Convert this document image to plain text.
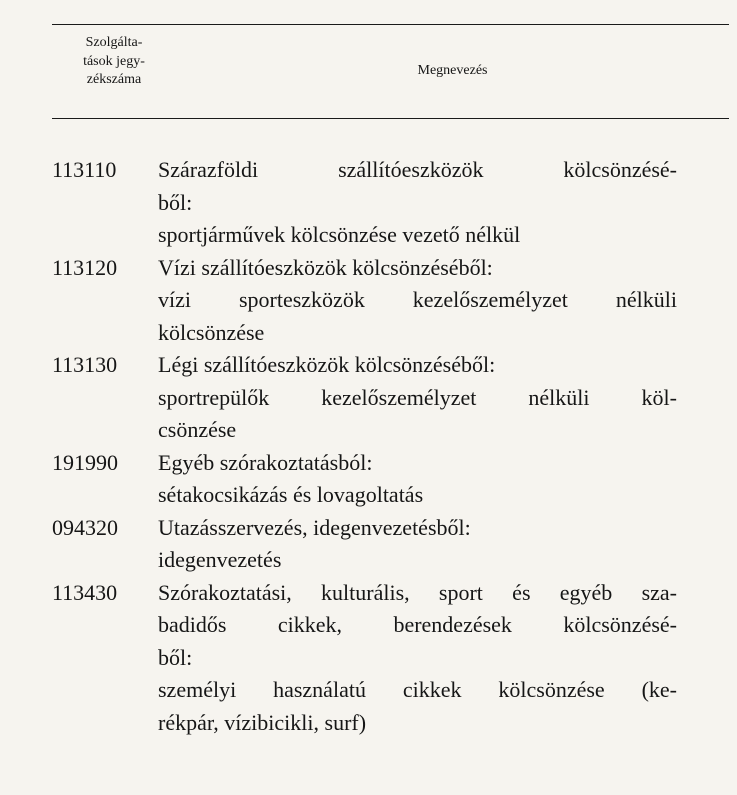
Szolgálta-
tások jegy-
zékszáma
Megnevezés
113110	Szárazföldi szállítóeszközök kölcsönzésé-
ből:
sportjárművek kölcsönzése vezető nélkül
113120	Vízi szállítóeszközök kölcsönzéséből:
vízi sporteszközök kezelőszemélyzet nélküli
kölcsönzése
113130	Légi szállítóeszközök kölcsönzéséből:
sportrepülők kezelőszemélyzet nélküli köl-
csönzése
191990	Egyéb szórakoztatásból:
sétakocsikázás és lovagoltatás
094320	Utazásszervezés, idegenvezetésből:
idegenvezetés
113430	Szórakoztatási, kulturális, sport és egyéb sza-
badidős cikkek, berendezések kölcsönzésé-
ből:
személyi használatú cikkek kölcsönzése (ke-
rékpár, vízibicikli, surf)
